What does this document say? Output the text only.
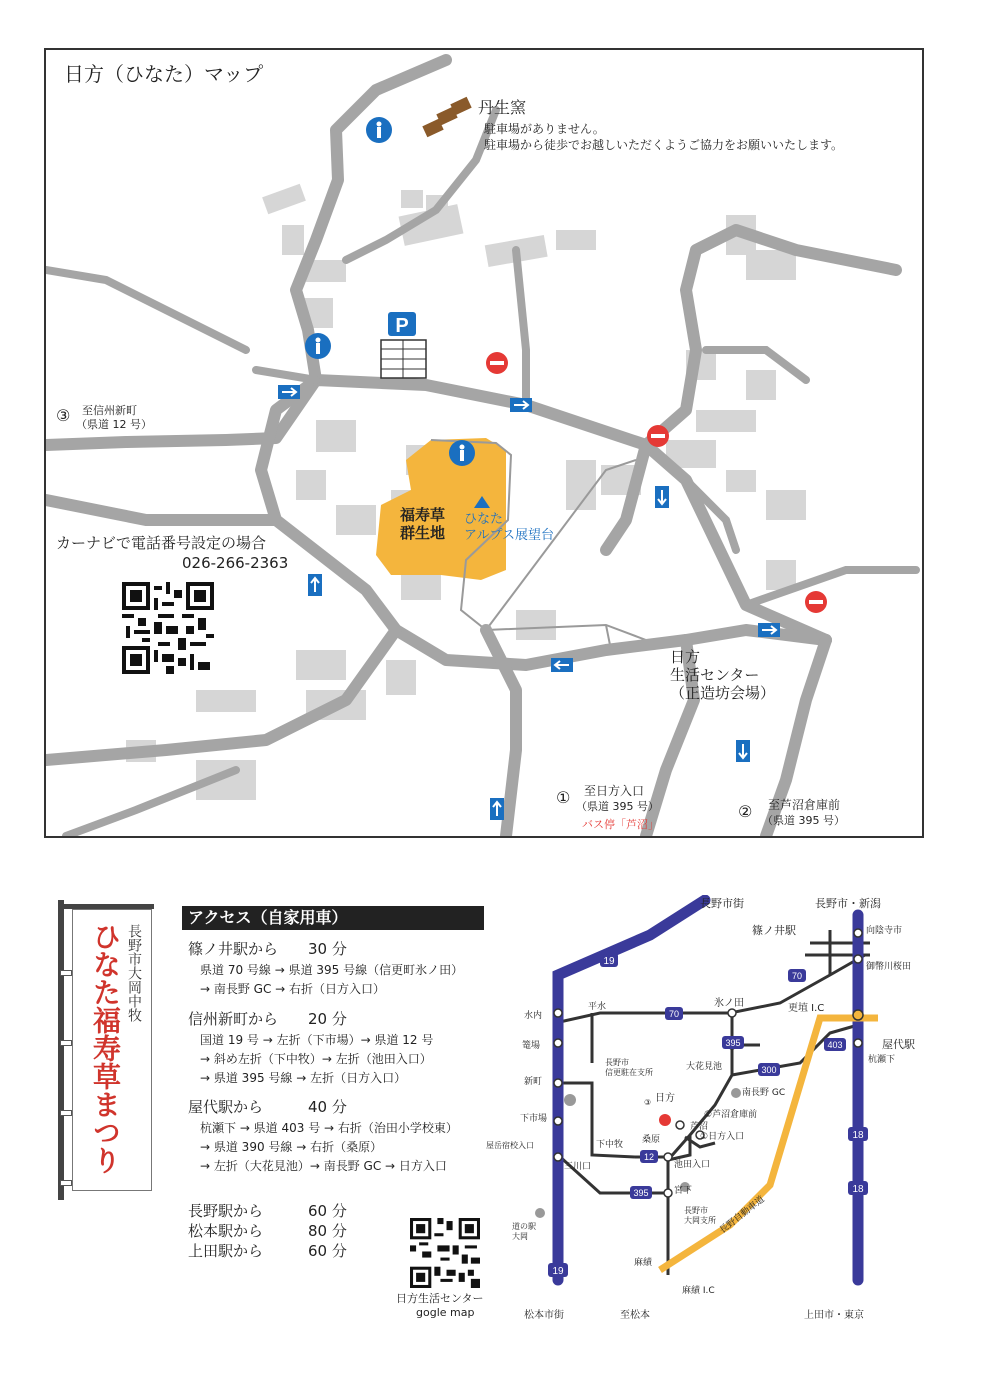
P
日方（ひなた）マップ
丹生窯
駐車場がありません。
駐車場から徒歩でお越しいただくようご協力をお願いいたします。
福寿草
群生地
ひなた
アルプス展望台
カーナビで電話番号設定の場合
026-266-2363
日方
生活センター
（正造坊会場）
③ 至信州新町
（県道 12 号）
① 至日方入口
（県道 395 号）
バス停「芦沼」
② 至芦沼倉庫前
（県道 395 号）
長野市大岡中牧
ひなた福寿草まつり
アクセス（自家用車）
篠ノ井駅から 30 分
県道 70 号線 → 県道 395 号線（信更町氷ノ田）
→ 南長野 GC → 右折（日方入口）
信州新町から 20 分
国道 19 号 → 左折（下市場）→ 県道 12 号
→ 斜め左折（下中牧）→ 左折（池田入口）
→ 県道 395 号線 → 左折（日方入口）
屋代駅から	40 分
杭瀬下 → 県道 403 号 → 右折（治田小学校東）
→ 県道 390 号線 → 右折（桑原）
→ 左折（大花見池）→ 南長野 GC → 日方入口
長野駅から	60 分
松本駅から	80 分
上田駅から	60 分
日方生活センター
gogle map
19
19
18
18
70
70
395
395
300
403
12
長野市街	長野市・新潟
篠ノ井駅	向陰寺市
御幣川桜田
更埴 I.C
屋代駅
杭瀬下
平水
水内
篭場
氷ノ田
新町
長野市
信更駐在支所
大花見池
南長野 GC
下市場
③ 日方
②芦沼倉庫前
芦沼
①日方入口
下中牧
池田入口
桑原
屋岳宿校入口
三川口
宮下
長野市
大岡支所
道の駅
大岡
麻績
長野自動車道
麻績 I.C
松本市街	至松本	上田市・東京
